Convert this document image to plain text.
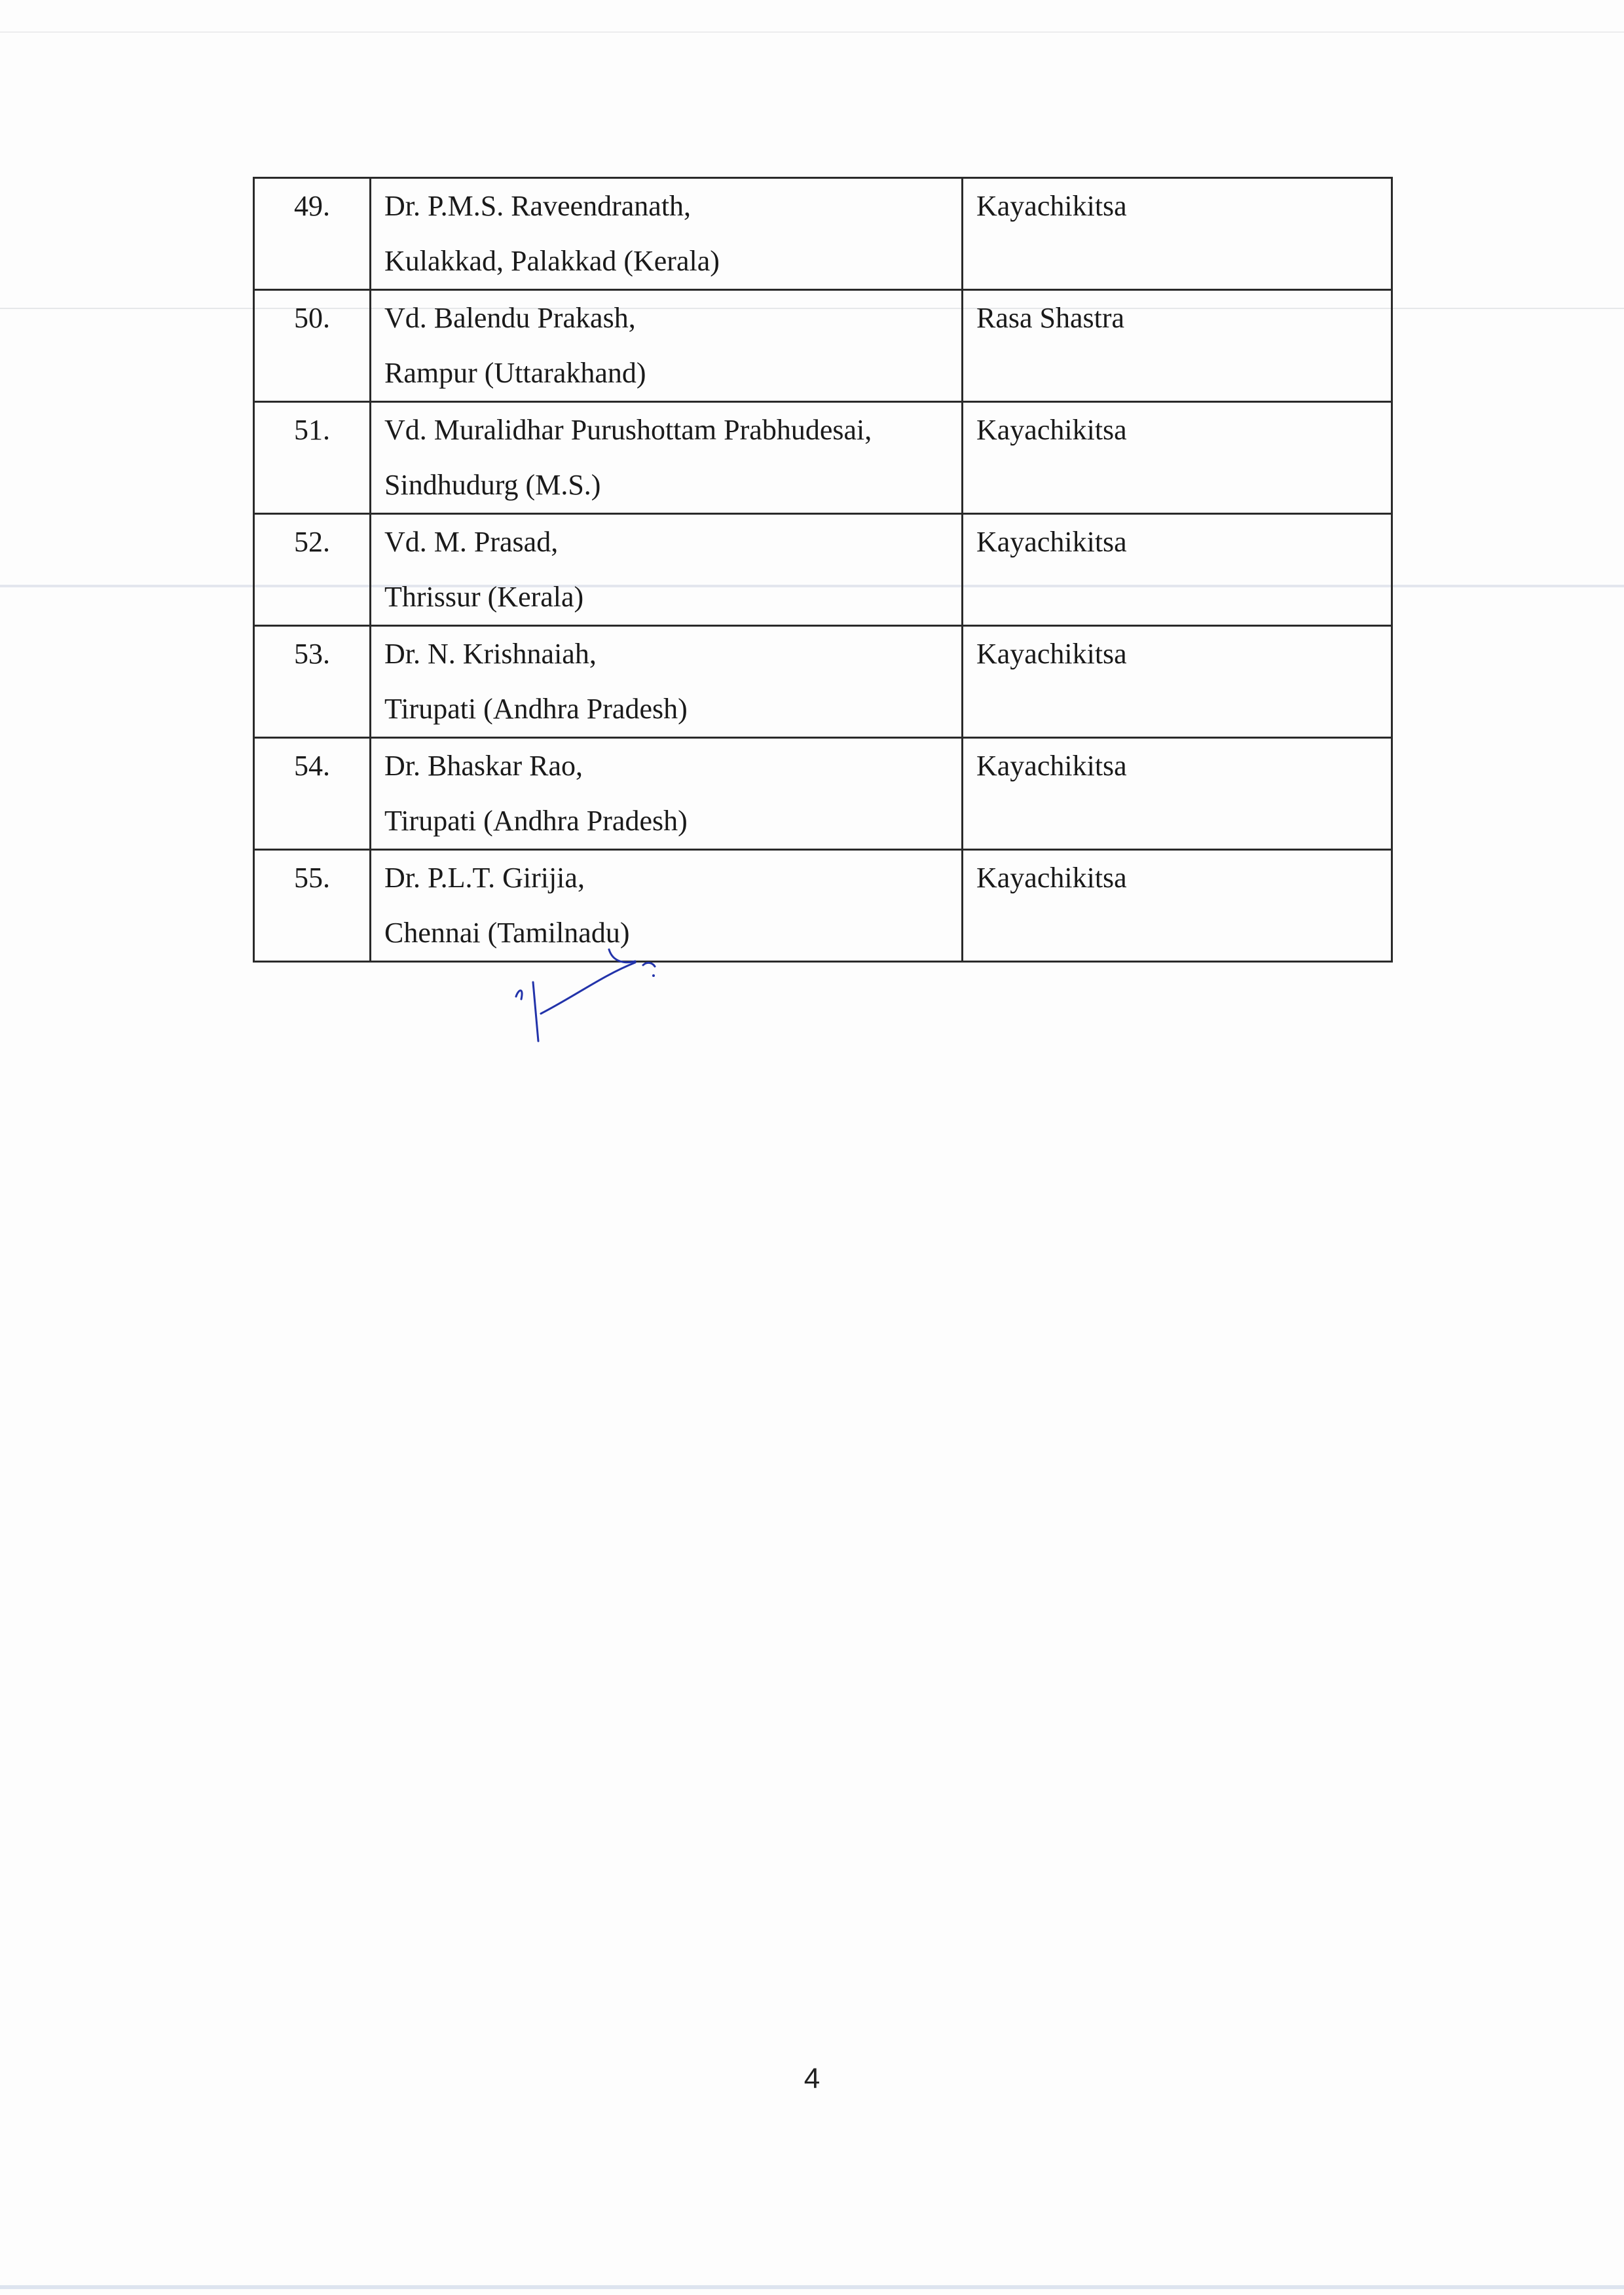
49.	Dr. P.M.S. Raveendranath,
Kulakkad, Palakkad (Kerala)	Kayachikitsa
50.	Vd. Balendu Prakash,
Rampur (Uttarakhand)	Rasa Shastra
51.	Vd. Muralidhar Purushottam Prabhudesai,
Sindhudurg (M.S.)	Kayachikitsa
52.	Vd. M. Prasad,
Thrissur (Kerala)	Kayachikitsa
53.	Dr. N. Krishnaiah,
Tirupati (Andhra Pradesh)	Kayachikitsa
54.	Dr. Bhaskar Rao,
Tirupati (Andhra Pradesh)	Kayachikitsa
55.	Dr. P.L.T. Girijia,
Chennai (Tamilnadu)	Kayachikitsa
4
